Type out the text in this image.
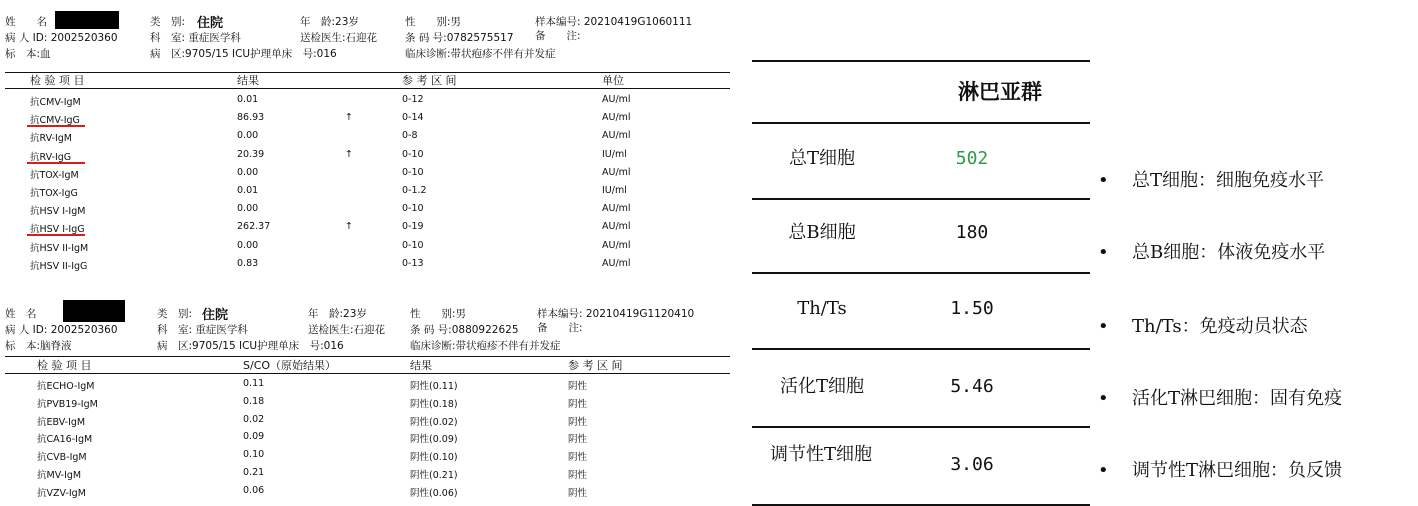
姓　　名	类　别: 住院	年　龄:23岁	性　　别:男	样本编号: 20210419G1060111
病 人 ID: 2002520360	科　室: 重症医学科	送检医生:石迎花	条 码 号:0782575517 备　　注:
标　本:血	病　区:9705/15 ICU护理单床　号:016	临床诊断:带状疱疹不伴有并发症
检 验 项 目	结果	参 考 区 间	单位
抗CMV-IgM	0.01	0-12	AU/ml
抗CMV-IgG	86.93	↑	0-14	AU/ml
抗RV-IgM	0.00	0-8	AU/ml
抗RV-IgG	20.39	↑	0-10	IU/ml
抗TOX-IgM	0.00	0-10	AU/ml
抗TOX-IgG	0.01	0-1.2	IU/ml
抗HSV I-IgM	0.00	0-10	AU/ml
抗HSV I-IgG	262.37	↑	0-19	AU/ml
抗HSV II-IgM	0.00	0-10	AU/ml
抗HSV II-IgG	0.83	0-13	AU/ml
姓　名	类　别: 住院	年　龄:23岁	性　　别:男	样本编号: 20210419G1120410
病 人 ID: 2002520360	科　室: 重症医学科	送检医生:石迎花 条 码 号:0880922625 备　　注:
标　本:脑脊液	病　区:9705/15 ICU护理单床　号:016	临床诊断:带状疱疹不伴有并发症
检 验 项 目	S/CO（原始结果）	结果	参 考 区 间
抗ECHO-IgM	0.11	阴性(0.11)	阴性
抗PVB19-IgM	0.18	阴性(0.18)	阴性
抗EBV-IgM	0.02	阴性(0.02)	阴性
抗CA16-IgM	0.09	阴性(0.09)	阴性
抗CVB-IgM	0.10	阴性(0.10)	阴性
抗MV-IgM	0.21	阴性(0.21)	阴性
抗VZV-IgM	0.06	阴性(0.06)	阴性
淋巴亚群
总T细胞	502
总B细胞	180
Th/Ts	1.50
活化T细胞	5.46
调节性T细胞	3.06
• 总T细胞：细胞免疫水平
• 总B细胞：体液免疫水平
• Th/Ts：免疫动员状态
• 活化T淋巴细胞：固有免疫
• 调节性T淋巴细胞：负反馈
